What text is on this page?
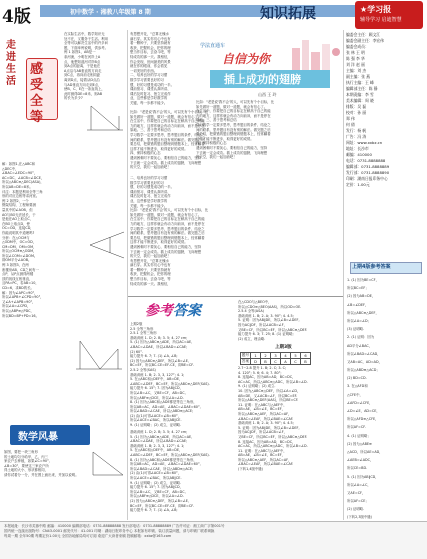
4版	初中数学 · 湘教八年级第 8 期	知识拓展	★学习报
辅导学习 启迪智慧
走进生活
感受全等
在实际生活中，数学知识无
处不在，又服务于生活。利用
全等可以解决生活中的许多问
题，下面举例说明，供参考。
例 1 如图1，AB是一
条河流，小明在河岸上A
点，他想知道河对岸B点
到A点的距离，于是他在
A点沿与AB垂直的方向走
到C点，再向前走相同距
离到D点，接着从D点沿
与AD垂直方向走到E点，
使B、C、E在一条直线上，
此时测得DE=8米，则AB
的长为多少?
解：如图1,在△ABC和
△DEC中，
∠BAC=∠EDC=90°，
AC=DC，∠ACB=∠DCE，
所以△ABC≌△DEC(ASA)，
所以AB=DE=8米。
评注：本题是利用全等三角
形的对应边相等求河宽。
例 2 如图2，一个
钢架结构，工程师要测
量其中的∠AOB，但
AO与BO无法延长，于
是他在AO上取点C，
在BO上取点D，使
OC=OD，连接CD，
你能说明其中道理吗?
分析：在△OCM与
△ODM中，OC=OD，
CM=DM，OM=OM，
所以△OCM≌△ODM，
所以∠COM=∠DOM。
即OM平分∠AOB。
例 3 如图3，在两
座楼房AB，CD之间有一
点P，从P点测得两楼
顶的视线互相垂直，
且PA=PC，若AB=10，
CD=6，求BD的长。
解：因为∠APC=90°，
所以∠APB+∠CPD=90°，
又∠A+∠APB=90°，
所以∠A=∠CPD，
所以△ABP≌△PDC，
所以BD=BP+PD=16。
数学风暴
如图，要把一块三角形
的土地均匀分给甲、乙、丙三
家农户去种植，如果∠C=90°,
∠B=30°，要使这三家农户所
得土地的大小、形状都相同，
请你试着分一分，并在图上画出来，并加以说明。
有思想开花，"总算无愧水
滴石穿。其实你们心中也有
着一颗种子，只要坚持就有
收获，把握机会，把你的理
想当作目标，去奋斗吧，等
待成功的那一天。我相信，
你会发现，世间最美的风景
就在你的眼前，你会看见
一切美好的东西。
二、培养良好的学习习惯
数学学习需要良好的习
惯，好的习惯是成功的一半。
课前预习、课堂认真听讲、
课后及时复习、独立完成作
业，这些都是学好数学的
关键，每一步都不能少。
学法直通车
自信为你
插上成功的翅膀
山西 王 玲
比如："老是说'我不会'的人，可以先有个小目标，比
如先做好一道题，做对一道题，就会有信心了。
在生活中，你要把自己的目标定在稍高于自己的能
力的地方，这样你就会有动力向前冲，而不是停在
原地。三、善于思考和总结
学习数学一定要多思考，思考题目的条件、结论之
间的联系，思考题目有没有别的解法。做完题之后
要总结，把做错的题目整理到错题本上，经常翻看
这样才能不断进步，取得更好的成绩。
四、保持积极的心态
遇到困难时不要灰心，要相信自己的能力，坚持
下去就一定会成功。插上成功的翅膀，飞向理想
的天空，我们一起加油吧！
比如："老是说'我不会'的人，可以先有个小目标，比
如先做好一道题，做对一道题，就会有信心了。
在生活中，你要把自己的目标定在稍高于自己的能
力的地方，这样你就会有动力向前冲，而不是停在
原地。三、善于思考和总结
学习数学一定要多思考，思考题目的条件、结论之
间的联系，思考题目有没有别的解法。做完题之后
要总结，把做错的题目整理到错题本上，经常翻看
这样才能不断进步，取得更好的成绩。
四、保持积极的心态
遇到困难时不要灰心，要相信自己的能力，坚持
下去就一定会成功。插上成功的翅膀，飞向理想
的天空，我们一起加油吧！
二、培养良好的学习习惯
数学学习需要良好的习
惯，好的习惯是成功的一半。
课前预习、课堂认真听讲、
课后及时复习、独立完成作
业，这些都是学好数学的
关键，每一步都不能少。
比如："老是说'我不会'的人，可以先有个小目标，比
如先做好一道题，做对一道题，就会有信心了。
在生活中，你要把自己的目标定在稍高于自己的能
力的地方，这样你就会有动力向前冲，而不是停在
学习数学一定要多思考，思考题目的条件、结论之
间的联系，思考题目有没有别的解法。做完题之后
要总结，把做错的题目整理到错题本上，经常翻看
这样才能不断进步，取得更好的成绩。
遇到困难时不要灰心，要相信自己的能力，坚持
下去就一定会成功。插上成功的翅膀，飞向理想
的天空，我们一起加油吧！
有思想开花，"总算无愧水
滴石穿。其实你们心中也有
着一颗种子，只要坚持就有
收获，把握机会，把你的理
想当作目标，去奋斗吧，等
待成功的那一天。我相信，
参考答案
上期2版
2.5 全等三角形
2.5.1 全等三角形
基础训练 1. D; 2. B; 3. 5; 4. 27 cm;
5. (1) 因为△ABC≌△ADE，所以AC=AE,
∠BAC=∠DAE，所以∠BAD=∠CAE;
(2) 60°.
能力提升 6. 7; 7. (1) ∠A, ∠B;
(2) 因为△ABC≌△DEF，所以∠B=∠E,
BC=EF，所以BC-CE=EF-CE，即BE=CF.
2.5.2 全等(SAS)
基础训练 1. B; 2. 3, 3, 127°; 4. 1;
5. 在△ABC和△DEF中，AB=DE，
∠ABC=∠DEF，BC=EF，所以△ABC≌△DEF(SAS).
能力提升 6. 15°; 7. 因为AB∥CD，
所以∠B=∠C，又BE=CF，AB=DC,
所以△ABF≌△DCE，所以∠A=∠D.
8. (1) 因为△ABC和△ADE都是等边三角形，
所以AB=AC，AD=AE，∠BAC=∠DAE=60°,
所以∠BAD=∠CAE，所以△ABD≌△ACE;
(2) 由(1)可得∠ACE=∠B=60°，
所以∠ACE=∠BAC，所以AB∥CE.
9. (1) 证明略；(2) 成立，证明略.
基础训练 1. D; 2. B; 3. 5; 4. 27 cm;
5. (1) 因为△ABC≌△ADE，所以AC=AE,
∠BAC=∠DAE，所以∠BAD=∠CAE;
基础训练 1. B; 2. 3, 3, 127°; 4. 1;
5. 在△ABC和△DEF中，AB=DE，
∠ABC=∠DEF，BC=EF，所以△ABC≌△DEF(SAS).
8. (1) 因为△ABC和△ADE都是等边三角形，
所以AB=AC，AD=AE，∠BAC=∠DAE=60°,
所以∠BAD=∠CAE，所以△ABD≌△ACE;
(2) 由(1)可得∠ACE=∠B=60°，
所以∠ACE=∠BAC，所以AB∥CE.
9. (1) 证明略；(2) 成立，证明略.
能力提升 6. 15°; 7. 因为AB∥CD，
所以∠B=∠C，又BE=CF，AB=DC,
所以△ABF≌△DCE，所以∠A=∠D.
(2) 因为△ABC≌△DEF，所以∠B=∠E,
BC=EF，所以BC-CE=EF-CE，即BE=CF.
能力提升 6. 7; 7. (1) ∠A, ∠B;
在△CDO与△BEO中，
所以△CDO≌△BEO(AAS)，所以OD=OE.
2.5.4 全等(ASA)
基础训练 1. B; 2. A; 3. 90°; 4. 4.5;
5. 证明：因为AB∥DE，所以∠B=∠DEF,
因为AC∥DF，所以∠ACB=∠F，
又BE=CF，所以BC=EF，所以△ABC≌△DEF.
能力提升 6. 3; 7. 25; 8. (1) 证明略;
(2) 成立，理由略.
上期3版
题号	1	2	3	4	5	6
答案	D	B	C	A	C	B
2.7~2.8 提升 1. B; 2. C; 3. C;
4. 120°; 5. 6; 6. 4; 7. 80°;
8. 连接AC，因为AB=AD，BC=DC，
AC=AC，所以△ABC≌△ADC，所以∠B=∠D.
9. (1) 证明略；(2) 成立.
10. 因为△ABC≌△DEF，所以∠A=∠D，
AB=DE，又∠ACB=∠F，所以BC=EF.
所以△ABC≌△DEF(AAS)，所以BE=CF.
11. 证明：在△ABC与△AEF中，
AB=AE，∠B=∠E，BC=EF，
所以△ABC≌△AEF，所以AC=AF，
∠BAC=∠EAF，所以∠BAE=∠CAF.
基础训练 1. B; 2. A; 3. 90°; 4. 4.5;
5. 证明：因为AB∥DE，所以∠B=∠DEF,
因为AC∥DF，所以∠ACB=∠F，
又BE=CF，所以BC=EF，所以△ABC≌△DEF.
8. 连接AC，因为AB=AD，BC=DC，
AC=AC，所以△ABC≌△ADC，所以∠B=∠D.
11. 证明：在△ABC与△AEF中，
AB=AE，∠B=∠E，BC=EF，
所以△ABC≌△AEF，所以AC=AF，
∠BAC=∠EAF，所以∠BAE=∠CAF.
(下转1,4版中缝)
编委会主任：顾文江
编委会副主任：李宏伟
编委会成员：
张 林 王 明
陈 强 李 华
刘 洋 赵 丽
主编：刘 杰
副主编：张 燕
执行主编：王 峰
编辑部主任：陈 静
本期责编：李 雪
美术编辑：周 晓
排版：吴 磊
校对：孙 丽
郑 伟
何 倩
发行：杨 帆
广告：冯 涛
网址：www.xxbz.cn
地址：长沙市
邮编：410000
电话：0731-8888888
编辑部：0731-8888889
发行部：0731-8888890
印刷：湖南日报印务中心
定价：1.00元
上期4版参考答案
1. (1) 因为BE=CF，
所以BC=EF；
(2) 因为AB=DE，
∠B=∠DEF，
所以△ABC≌△DEF，
所以∠A=∠D；
(3) 证明略.
2. (1) 证明：因为
AD平分∠BAC，
所以∠BAD=∠CAD，
又AB=AC，AD=AD，
所以△ABD≌△ACD；
(2) BD=CD.
3. 在△AFD和
△CFE中，
∠AFD=∠CFE，
∠D=∠E，AD=CE，
所以△AFD≌△CFE，
所以AF=CF.
4. (1) 证明略；
(2) 因为△ABE≌
△ACD，所以AE=AD，
∠AEB=∠ADC，
所以CE=BD.
5. (1) 因为AB∥CD，
所以∠A=∠C，
又AE=CF，
所以AF=CE；
(2) 证明略.
(下转2,3版中缝)
本报地址：长沙市芙蓉中路 邮编：410000 编辑部电话：0731-88888888 发行部电话：0731-88888889 广告许可证：湘工商广字第001号
国内统一连续出版物号：CN43-0001 邮发代号：41-001 印刷：湖南日报印务中心 本报如有印刷、装订质量问题，请与印刷厂联系调换
每周一期 全年50期 每期定价1.00元 全国各地邮局均可订阅 欢迎广大读者来稿 投稿邮箱：xxbz@163.com
